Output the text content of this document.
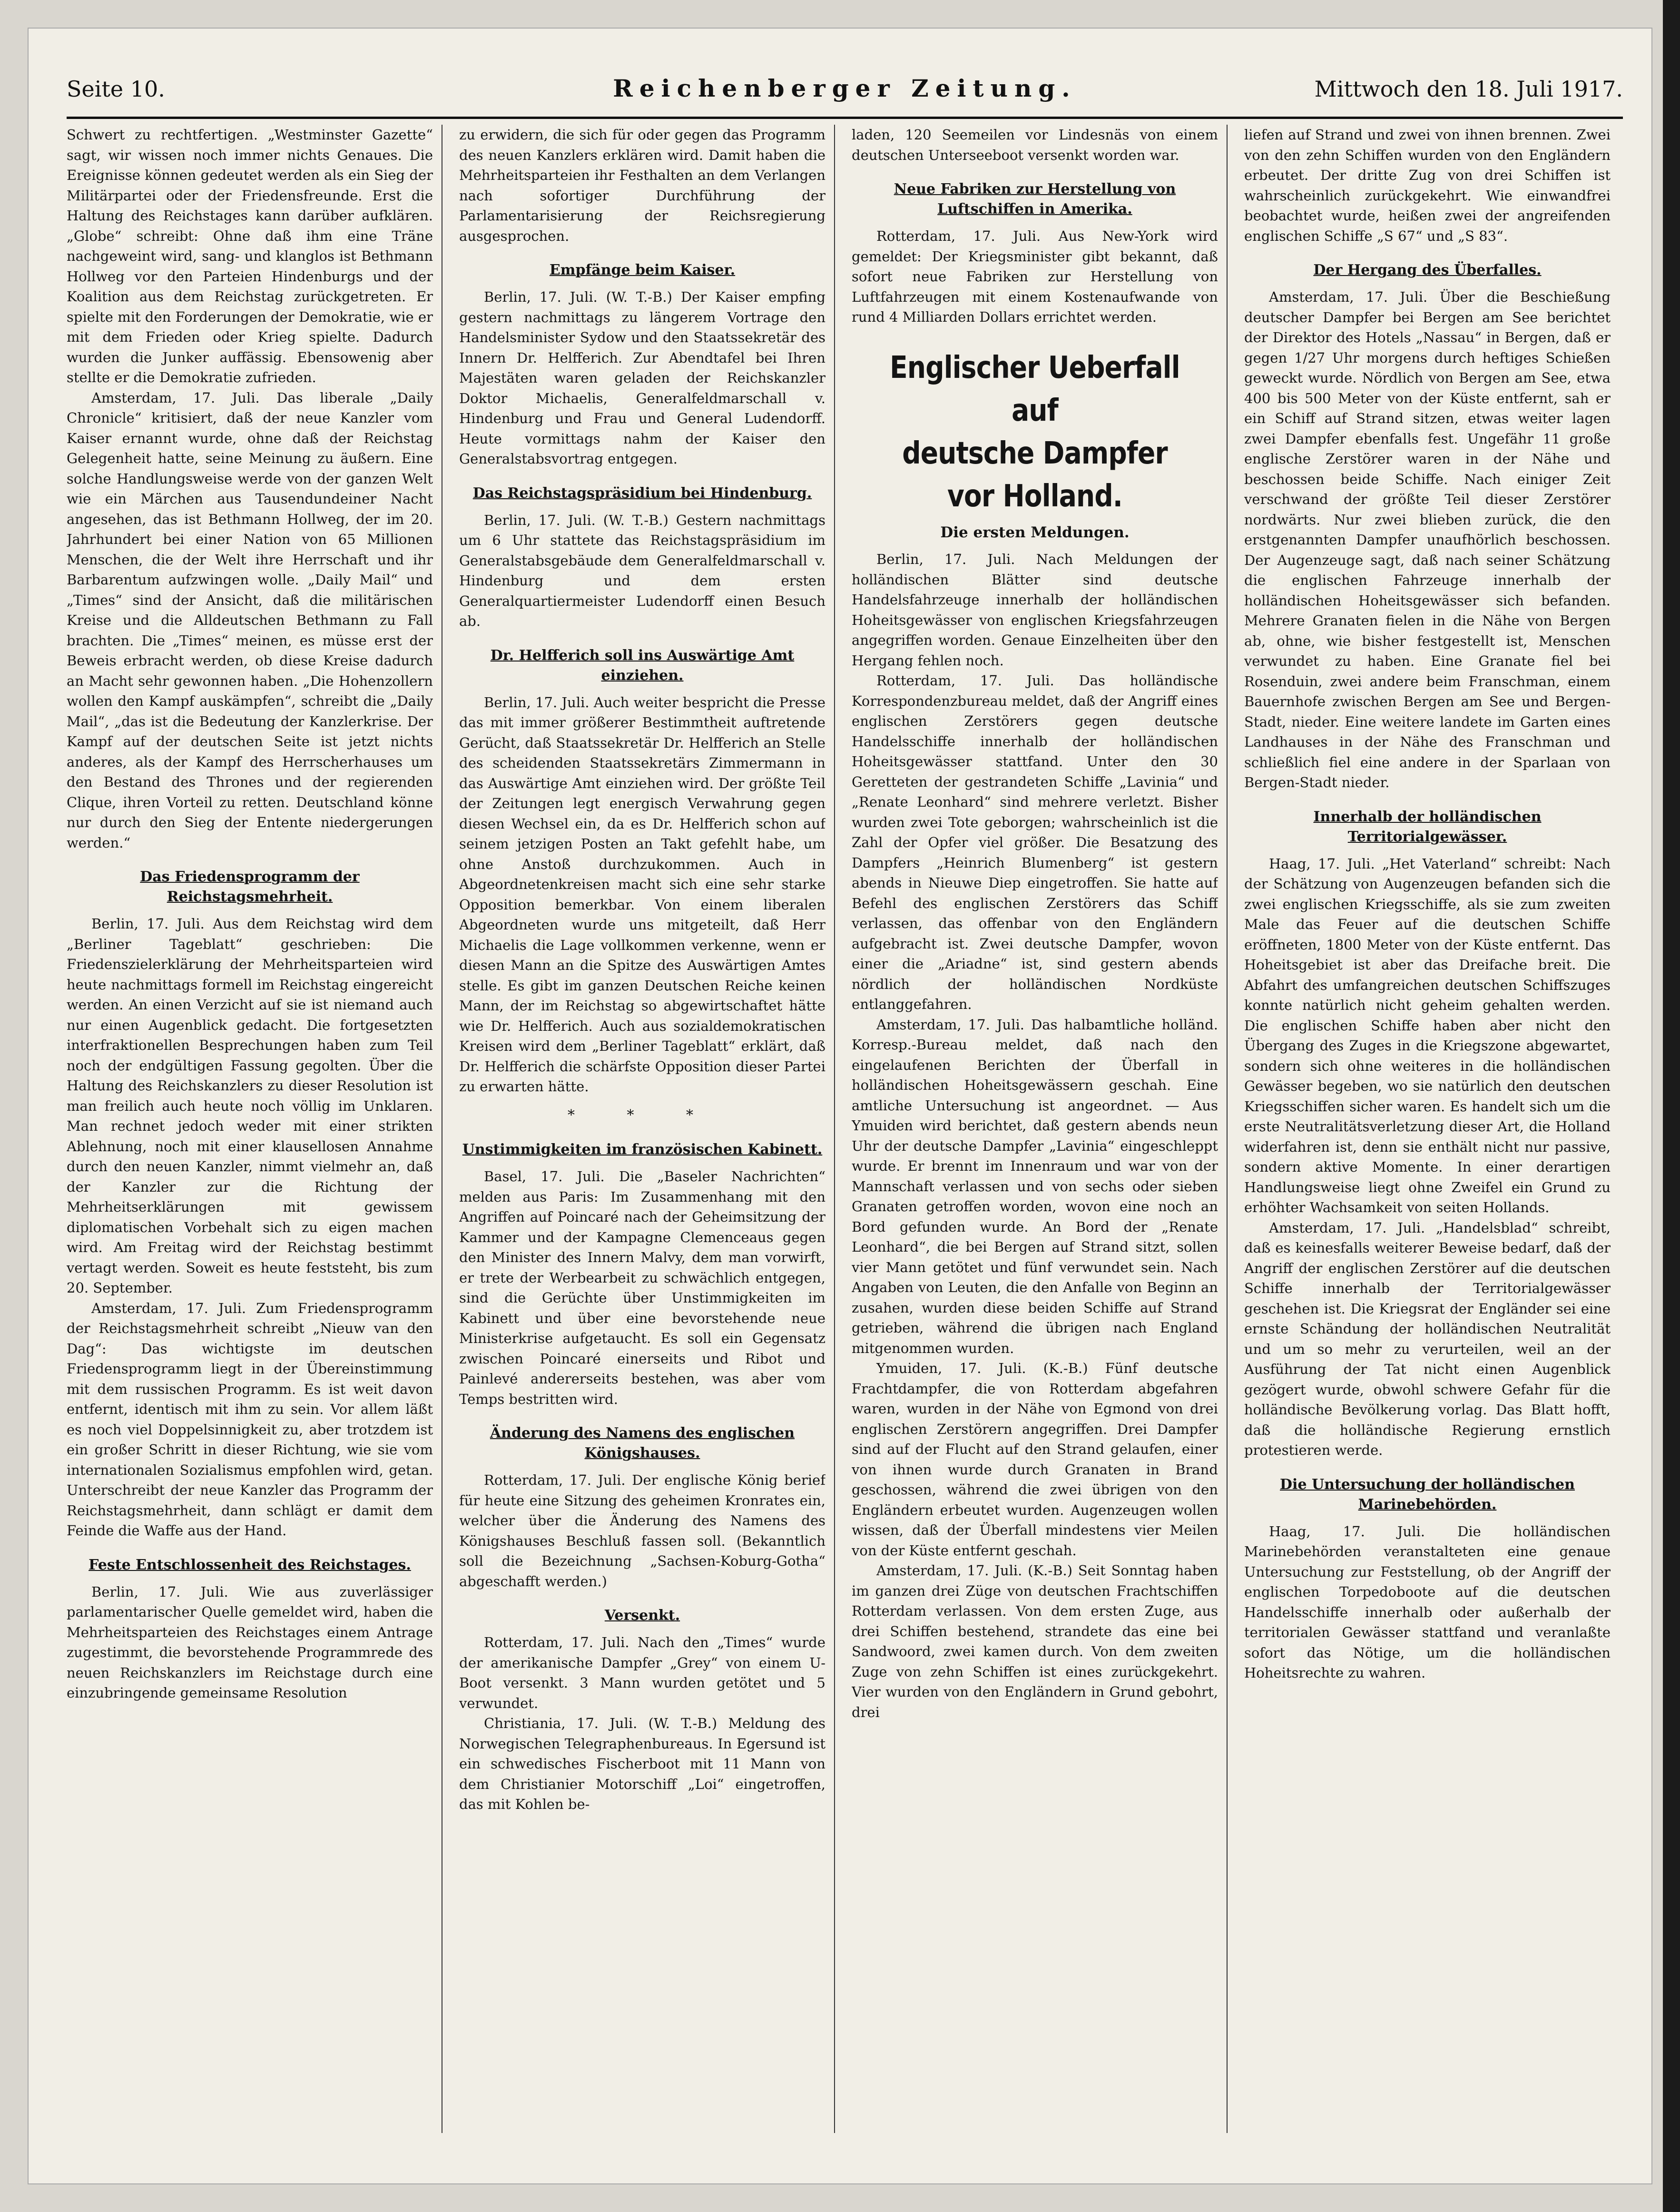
Seite 10.	Reichenberger Zeitung.	Mittwoch den 18. Juli 1917.

Schwert zu rechtfertigen. „Westminster Gazette“ sagt, wir wissen noch immer nichts Genaues. Die Ereignisse können gedeutet werden als ein Sieg der Militärpartei oder der Friedensfreunde. Erst die Haltung des Reichstages kann darüber aufklären. „Globe“ schreibt: Ohne daß ihm eine Träne nachgeweint wird, sang- und klanglos ist Bethmann Hollweg vor den Parteien Hindenburgs und der Koalition aus dem Reichstag zurückgetreten. Er spielte mit den Forderungen der Demokratie, wie er mit dem Frieden oder Krieg spielte. Dadurch wurden die Junker auffässig. Ebensowenig aber stellte er die Demokratie zufrieden.

Amsterdam, 17. Juli. Das liberale „Daily Chronicle“ kritisiert, daß der neue Kanzler vom Kaiser ernannt wurde, ohne daß der Reichstag Gelegenheit hatte, seine Meinung zu äußern. Eine solche Handlungsweise werde von der ganzen Welt wie ein Märchen aus Tausendundeiner Nacht angesehen, das ist Bethmann Hollweg, der im 20. Jahrhundert bei einer Nation von 65 Millionen Menschen, die der Welt ihre Herrschaft und ihr Barbarentum aufzwingen wolle. „Daily Mail“ und „Times“ sind der Ansicht, daß die militärischen Kreise und die Alldeutschen Bethmann zu Fall brachten. Die „Times“ meinen, es müsse erst der Beweis erbracht werden, ob diese Kreise dadurch an Macht sehr gewonnen haben. „Die Hohenzollern wollen den Kampf auskämpfen“, schreibt die „Daily Mail“, „das ist die Bedeutung der Kanzlerkrise. Der Kampf auf der deutschen Seite ist jetzt nichts anderes, als der Kampf des Herrscherhauses um den Bestand des Thrones und der regierenden Clique, ihren Vorteil zu retten. Deutschland könne nur durch den Sieg der Entente niedergerungen werden.“

Das Friedensprogramm der Reichstagsmehrheit.

Berlin, 17. Juli. Aus dem Reichstag wird dem „Berliner Tageblatt“ geschrieben: Die Friedenszielerklärung der Mehrheitsparteien wird heute nachmittags formell im Reichstag eingereicht werden. An einen Verzicht auf sie ist niemand auch nur einen Augenblick gedacht. Die fortgesetzten interfraktionellen Besprechungen haben zum Teil noch der endgültigen Fassung gegolten. Über die Haltung des Reichskanzlers zu dieser Resolution ist man freilich auch heute noch völlig im Unklaren. Man rechnet jedoch weder mit einer strikten Ablehnung, noch mit einer klausellosen Annahme durch den neuen Kanzler, nimmt vielmehr an, daß der Kanzler zur die Richtung der Mehrheitserklärungen mit gewissem diplomatischen Vorbehalt sich zu eigen machen wird. Am Freitag wird der Reichstag bestimmt vertagt werden. Soweit es heute feststeht, bis zum 20. September.

Amsterdam, 17. Juli. Zum Friedensprogramm der Reichstagsmehrheit schreibt „Nieuw van den Dag“: Das wichtigste im deutschen Friedensprogramm liegt in der Übereinstimmung mit dem russischen Programm. Es ist weit davon entfernt, identisch mit ihm zu sein. Vor allem läßt es noch viel Doppelsinnigkeit zu, aber trotzdem ist ein großer Schritt in dieser Richtung, wie sie vom internationalen Sozialismus empfohlen wird, getan. Unterschreibt der neue Kanzler das Programm der Reichstagsmehrheit, dann schlägt er damit dem Feinde die Waffe aus der Hand.

Feste Entschlossenheit des Reichstages.

Berlin, 17. Juli. Wie aus zuverlässiger parlamentarischer Quelle gemeldet wird, haben die Mehrheitsparteien des Reichstages einem Antrage zugestimmt, die bevorstehende Programmrede des neuen Reichskanzlers im Reichstage durch eine einzubringende gemeinsame Resolution

zu erwidern, die sich für oder gegen das Programm des neuen Kanzlers erklären wird. Damit haben die Mehrheitsparteien ihr Festhalten an dem Verlangen nach sofortiger Durchführung der Parlamentarisierung der Reichsregierung ausgesprochen.

Empfänge beim Kaiser.

Berlin, 17. Juli. (W. T.-B.) Der Kaiser empfing gestern nachmittags zu längerem Vortrage den Handelsminister Sydow und den Staatssekretär des Innern Dr. Helfferich. Zur Abendtafel bei Ihren Majestäten waren geladen der Reichskanzler Doktor Michaelis, Generalfeldmarschall v. Hindenburg und Frau und General Ludendorff. Heute vormittags nahm der Kaiser den Generalstabsvortrag entgegen.

Das Reichstagspräsidium bei Hindenburg.

Berlin, 17. Juli. (W. T.-B.) Gestern nachmittags um 6 Uhr stattete das Reichstagspräsidium im Generalstabsgebäude dem Generalfeldmarschall v. Hindenburg und dem ersten Generalquartiermeister Ludendorff einen Besuch ab.

Dr. Helfferich soll ins Auswärtige Amt einziehen.

Berlin, 17. Juli. Auch weiter bespricht die Presse das mit immer größerer Bestimmtheit auftretende Gerücht, daß Staatssekretär Dr. Helfferich an Stelle des scheidenden Staatssekretärs Zimmermann in das Auswärtige Amt einziehen wird. Der größte Teil der Zeitungen legt energisch Verwahrung gegen diesen Wechsel ein, da es Dr. Helfferich schon auf seinem jetzigen Posten an Takt gefehlt habe, um ohne Anstoß durchzukommen. Auch in Abgeordnetenkreisen macht sich eine sehr starke Opposition bemerkbar. Von einem liberalen Abgeordneten wurde uns mitgeteilt, daß Herr Michaelis die Lage vollkommen verkenne, wenn er diesen Mann an die Spitze des Auswärtigen Amtes stelle. Es gibt im ganzen Deutschen Reiche keinen Mann, der im Reichstag so abgewirtschaftet hätte wie Dr. Helfferich. Auch aus sozialdemokratischen Kreisen wird dem „Berliner Tageblatt“ erklärt, daß Dr. Helfferich die schärfste Opposition dieser Partei zu erwarten hätte.

* * *
Unstimmigkeiten im französischen Kabinett.

Basel, 17. Juli. Die „Baseler Nachrichten“ melden aus Paris: Im Zusammenhang mit den Angriffen auf Poincaré nach der Geheimsitzung der Kammer und der Kampagne Clemenceaus gegen den Minister des Innern Malvy, dem man vorwirft, er trete der Werbearbeit zu schwächlich entgegen, sind die Gerüchte über Unstimmigkeiten im Kabinett und über eine bevorstehende neue Ministerkrise aufgetaucht. Es soll ein Gegensatz zwischen Poincaré einerseits und Ribot und Painlevé andererseits bestehen, was aber vom Temps bestritten wird.

Änderung des Namens des englischen Königshauses.

Rotterdam, 17. Juli. Der englische König berief für heute eine Sitzung des geheimen Kronrates ein, welcher über die Änderung des Namens des Königshauses Beschluß fassen soll. (Bekanntlich soll die Bezeichnung „Sachsen-Koburg-Gotha“ abgeschafft werden.)

Versenkt.

Rotterdam, 17. Juli. Nach den „Times“ wurde der amerikanische Dampfer „Grey“ von einem U-Boot versenkt. 3 Mann wurden getötet und 5 verwundet.

Christiania, 17. Juli. (W. T.-B.) Meldung des Norwegischen Telegraphenbureaus. In Egersund ist ein schwedisches Fischerboot mit 11 Mann von dem Christianier Motorschiff „Loi“ eingetroffen, das mit Kohlen be-

laden, 120 Seemeilen vor Lindesnäs von einem deutschen Unterseeboot versenkt worden war.

Neue Fabriken zur Herstellung von Luftschiffen in Amerika.

Rotterdam, 17. Juli. Aus New-York wird gemeldet: Der Kriegsminister gibt bekannt, daß sofort neue Fabriken zur Herstellung von Luftfahrzeugen mit einem Kostenaufwande von rund 4 Milliarden Dollars errichtet werden.

Englischer Ueberfall auf
deutsche Dampfer vor Holland.
Die ersten Meldungen.

Berlin, 17. Juli. Nach Meldungen der holländischen Blätter sind deutsche Handelsfahrzeuge innerhalb der holländischen Hoheitsgewässer von englischen Kriegsfahrzeugen angegriffen worden. Genaue Einzelheiten über den Hergang fehlen noch.

Rotterdam, 17. Juli. Das holländische Korrespondenzbureau meldet, daß der Angriff eines englischen Zerstörers gegen deutsche Handelsschiffe innerhalb der holländischen Hoheitsgewässer stattfand. Unter den 30 Geretteten der gestrandeten Schiffe „Lavinia“ und „Renate Leonhard“ sind mehrere verletzt. Bisher wurden zwei Tote geborgen; wahrscheinlich ist die Zahl der Opfer viel größer. Die Besatzung des Dampfers „Heinrich Blumenberg“ ist gestern abends in Nieuwe Diep eingetroffen. Sie hatte auf Befehl des englischen Zerstörers das Schiff verlassen, das offenbar von den Engländern aufgebracht ist. Zwei deutsche Dampfer, wovon einer die „Ariadne“ ist, sind gestern abends nördlich der holländischen Nordküste entlanggefahren.

Amsterdam, 17. Juli. Das halbamtliche holländ. Korresp.-Bureau meldet, daß nach den eingelaufenen Berichten der Überfall in holländischen Hoheitsgewässern geschah. Eine amtliche Untersuchung ist angeordnet. — Aus Ymuiden wird berichtet, daß gestern abends neun Uhr der deutsche Dampfer „Lavinia“ eingeschleppt wurde. Er brennt im Innenraum und war von der Mannschaft verlassen und von sechs oder sieben Granaten getroffen worden, wovon eine noch an Bord gefunden wurde. An Bord der „Renate Leonhard“, die bei Bergen auf Strand sitzt, sollen vier Mann getötet und fünf verwundet sein. Nach Angaben von Leuten, die den Anfalle von Beginn an zusahen, wurden diese beiden Schiffe auf Strand getrieben, während die übrigen nach England mitgenommen wurden.

Ymuiden, 17. Juli. (K.-B.) Fünf deutsche Frachtdampfer, die von Rotterdam abgefahren waren, wurden in der Nähe von Egmond von drei englischen Zerstörern angegriffen. Drei Dampfer sind auf der Flucht auf den Strand gelaufen, einer von ihnen wurde durch Granaten in Brand geschossen, während die zwei übrigen von den Engländern erbeutet wurden. Augenzeugen wollen wissen, daß der Überfall mindestens vier Meilen von der Küste entfernt geschah.

Amsterdam, 17. Juli. (K.-B.) Seit Sonntag haben im ganzen drei Züge von deutschen Frachtschiffen Rotterdam verlassen. Von dem ersten Zuge, aus drei Schiffen bestehend, strandete das eine bei Sandwoord, zwei kamen durch. Von dem zweiten Zuge von zehn Schiffen ist eines zurückgekehrt. Vier wurden von den Engländern in Grund gebohrt, drei

liefen auf Strand und zwei von ihnen brennen. Zwei von den zehn Schiffen wurden von den Engländern erbeutet. Der dritte Zug von drei Schiffen ist wahrscheinlich zurückgekehrt. Wie einwandfrei beobachtet wurde, heißen zwei der angreifenden englischen Schiffe „S 67“ und „S 83“.

Der Hergang des Überfalles.

Amsterdam, 17. Juli. Über die Beschießung deutscher Dampfer bei Bergen am See berichtet der Direktor des Hotels „Nassau“ in Bergen, daß er gegen 1/27 Uhr morgens durch heftiges Schießen geweckt wurde. Nördlich von Bergen am See, etwa 400 bis 500 Meter von der Küste entfernt, sah er ein Schiff auf Strand sitzen, etwas weiter lagen zwei Dampfer ebenfalls fest. Ungefähr 11 große englische Zerstörer waren in der Nähe und beschossen beide Schiffe. Nach einiger Zeit verschwand der größte Teil dieser Zerstörer nordwärts. Nur zwei blieben zurück, die den erstgenannten Dampfer unaufhörlich beschossen. Der Augenzeuge sagt, daß nach seiner Schätzung die englischen Fahrzeuge innerhalb der holländischen Hoheitsgewässer sich befanden. Mehrere Granaten fielen in die Nähe von Bergen ab, ohne, wie bisher festgestellt ist, Menschen verwundet zu haben. Eine Granate fiel bei Rosenduin, zwei andere beim Franschman, einem Bauernhofe zwischen Bergen am See und Bergen-Stadt, nieder. Eine weitere landete im Garten eines Landhauses in der Nähe des Franschman und schließlich fiel eine andere in der Sparlaan von Bergen-Stadt nieder.

Innerhalb der holländischen Territorialgewässer.

Haag, 17. Juli. „Het Vaterland“ schreibt: Nach der Schätzung von Augenzeugen befanden sich die zwei englischen Kriegsschiffe, als sie zum zweiten Male das Feuer auf die deutschen Schiffe eröffneten, 1800 Meter von der Küste entfernt. Das Hoheitsgebiet ist aber das Dreifache breit. Die Abfahrt des umfangreichen deutschen Schiffszuges konnte natürlich nicht geheim gehalten werden. Die englischen Schiffe haben aber nicht den Übergang des Zuges in die Kriegszone abgewartet, sondern sich ohne weiteres in die holländischen Gewässer begeben, wo sie natürlich den deutschen Kriegsschiffen sicher waren. Es handelt sich um die erste Neutralitätsverletzung dieser Art, die Holland widerfahren ist, denn sie enthält nicht nur passive, sondern aktive Momente. In einer derartigen Handlungsweise liegt ohne Zweifel ein Grund zu erhöhter Wachsamkeit von seiten Hollands.

Amsterdam, 17. Juli. „Handelsblad“ schreibt, daß es keinesfalls weiterer Beweise bedarf, daß der Angriff der englischen Zerstörer auf die deutschen Schiffe innerhalb der Territorialgewässer geschehen ist. Die Kriegsrat der Engländer sei eine ernste Schändung der holländischen Neutralität und um so mehr zu verurteilen, weil an der Ausführung der Tat nicht einen Augenblick gezögert wurde, obwohl schwere Gefahr für die holländische Bevölkerung vorlag. Das Blatt hofft, daß die holländische Regierung ernstlich protestieren werde.

Die Untersuchung der holländischen Marinebehörden.

Haag, 17. Juli. Die holländischen Marinebehörden veranstalteten eine genaue Untersuchung zur Feststellung, ob der Angriff der englischen Torpedoboote auf die deutschen Handelsschiffe innerhalb oder außerhalb der territorialen Gewässer stattfand und veranlaßte sofort das Nötige, um die holländischen Hoheitsrechte zu wahren.
